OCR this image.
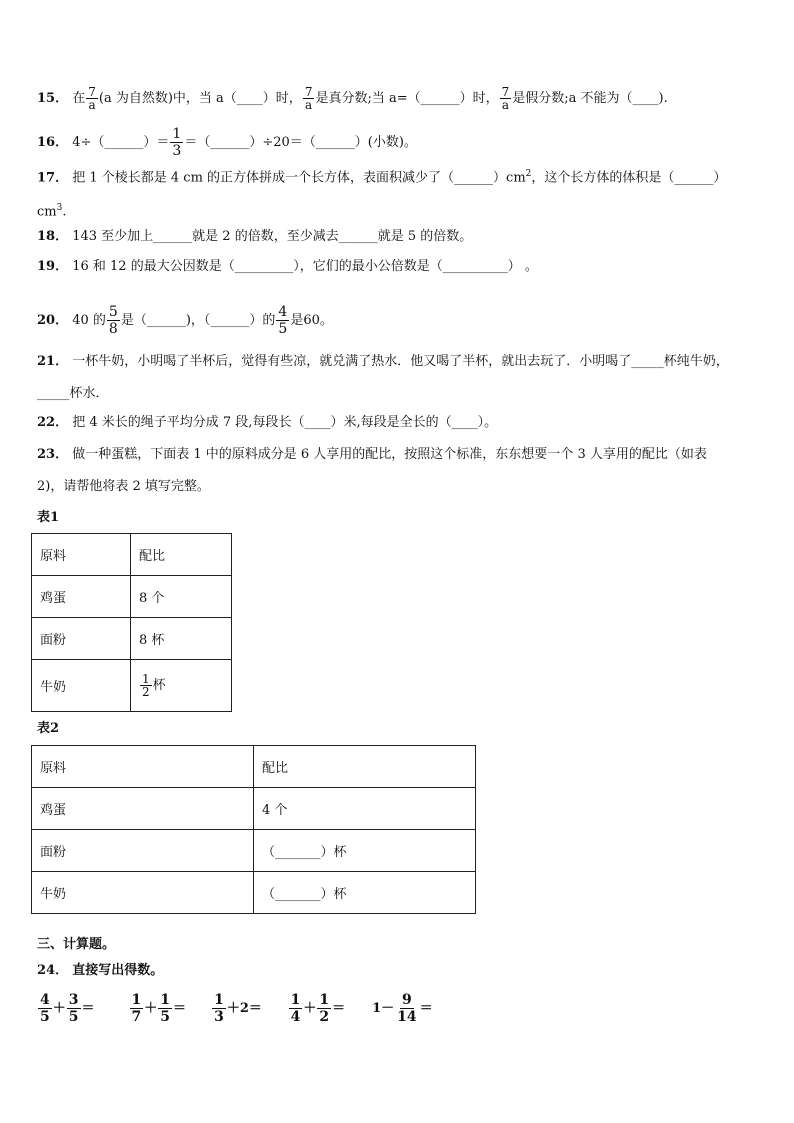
15． 在 $\frac{7}{a} (a$ 为自然数)中，当 a（____）时， $\frac{7}{a}$ 是真分数;当 a=（______）时， $\frac{7}{a}$ 是假分数;a 不能为（____).
16． 4÷（______）＝ $\frac{1}{3}$ ＝（______）÷20＝（______）(小数)。
17． 把 1 个棱长都是 4 cm 的正方体拼成一个长方体，表面积减少了$(\_\_\_\_\_\_)cm^2$，这个长方体的体积是（______）
$cm^3$.
18． 143 至少加上______就是 2 的倍数，至少减去______就是 5 的倍数。
19． 16 和 12 的最大公因数是（_________），它们的最小公倍数是（__________） 。
20． 40 的 $\frac{5}{8}$ 是（______)，（______）的 $\frac{4}{5}$ 是60。
21． 一杯牛奶，小明喝了半杯后，觉得有些凉，就兑满了热水．他又喝了半杯，就出去玩了．小明喝了_____杯纯牛奶，
_____杯水．
22． 把 4 米长的绳子平均分成 7 段,每段长（____）米,每段是全长的（____）。
23． 做一种蛋糕，下面表 1 中的原料成分是 6 人享用的配比，按照这个标准，东东想要一个 3 人享用的配比（如表
2)，请帮他将表 2 填写完整。
表1
原料	配比
鸡蛋	8 个
面粉	8 杯
牛奶	$\frac{1}{2}$ 杯
表2
原料	配比
鸡蛋	4 个
面粉	（_______）杯
牛奶	（_______）杯
三、计算题。
24． 直接写出得数。
$\frac{4}{5} + \frac{3}{5}$ ＝	$\frac{1}{7} + \frac{1}{5} = \frac{1}{3} +2= \frac{1}{4} + \frac{1}{2} = 1- \frac{9}{14}$ ＝
